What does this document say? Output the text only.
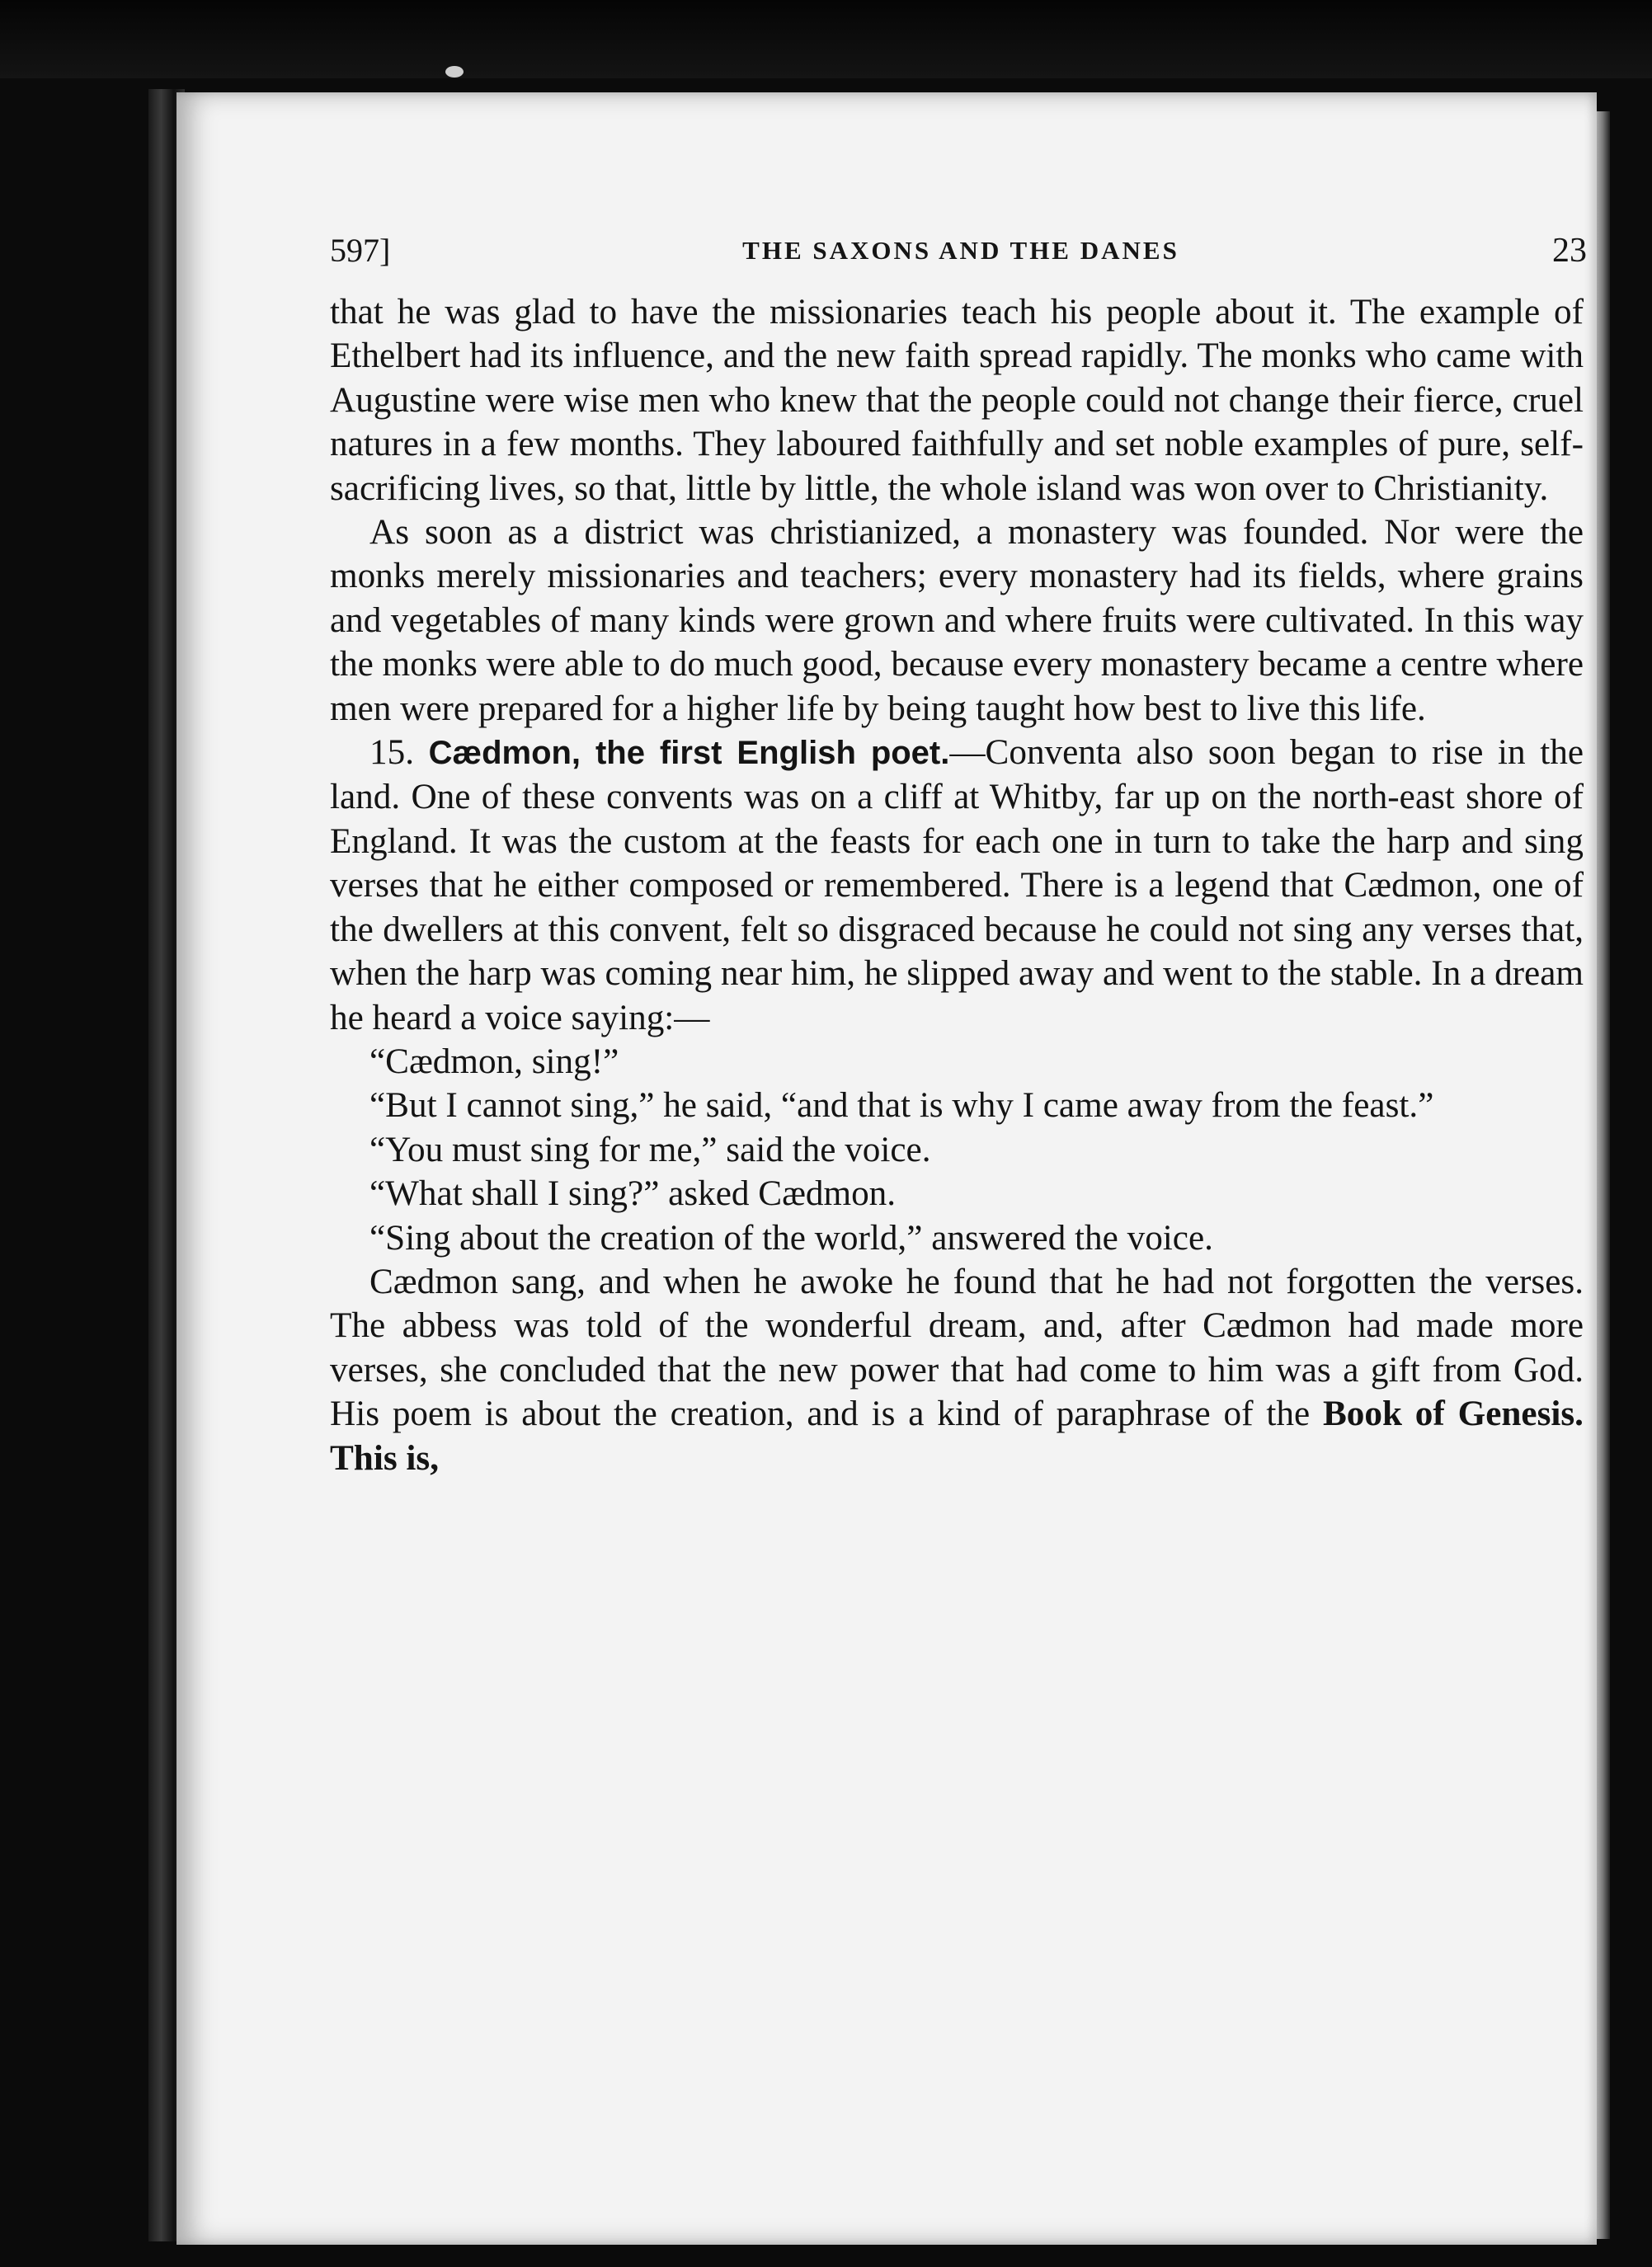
597]	THE SAXONS AND THE DANES	23

that he was glad to have the missionaries teach his people about it. The example of Ethelbert had its influence, and the new faith spread rapidly. The monks who came with Augustine were wise men who knew that the people could not change their fierce, cruel natures in a few months. They laboured faithfully and set noble examples of pure, self-sacrificing lives, so that, little by little, the whole island was won over to Christianity.

As soon as a district was christianized, a monastery was founded. Nor were the monks merely missionaries and teachers; every monastery had its fields, where grains and vegetables of many kinds were grown and where fruits were cultivated. In this way the monks were able to do much good, because every monastery became a centre where men were prepared for a higher life by being taught how best to live this life.

15. Cædmon, the first English poet.—Conventa also soon began to rise in the land. One of these convents was on a cliff at Whitby, far up on the north-east shore of England. It was the custom at the feasts for each one in turn to take the harp and sing verses that he either composed or remembered. There is a legend that Cædmon, one of the dwellers at this convent, felt so disgraced because he could not sing any verses that, when the harp was coming near him, he slipped away and went to the stable. In a dream he heard a voice saying:—

“Cædmon, sing!”

“But I cannot sing,” he said, “and that is why I came away from the feast.”

“You must sing for me,” said the voice.

“What shall I sing?” asked Cædmon.

“Sing about the creation of the world,” answered the voice.

Cædmon sang, and when he awoke he found that he had not forgotten the verses. The abbess was told of the wonderful dream, and, after Cædmon had made more verses, she concluded that the new power that had come to him was a gift from God. His poem is about the creation, and is a kind of paraphrase of the Book of Genesis. This is,
